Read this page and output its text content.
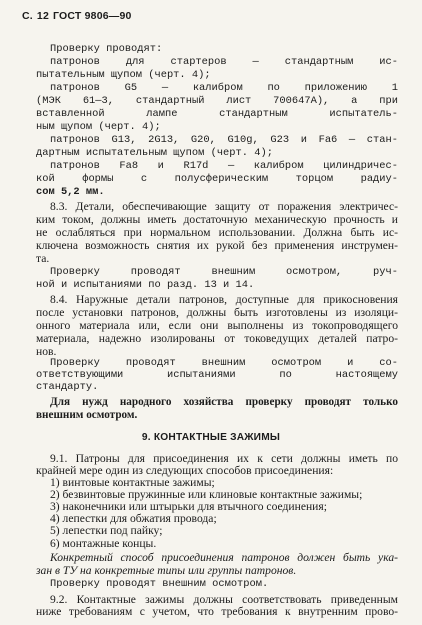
С. 12 ГОСТ 9806—90
Проверку проводят:
патронов для стартеров — стандартным ис-
пытательным щупом (черт. 4);
патронов G5 — калибром по приложению 1
(МЭК 61—3, стандартный лист 700647А), а при
вставленной лампе стандартным испытатель-
ным щупом (черт. 4);
патронов G13, 2G13, G20, G10g, G23 и Fa6 — стан-
дартным испытательным щупом (черт. 4);
патронов Fa8 и R17d — калибром цилиндричес-
кой формы с полусферическим торцом радиу-
сом 5,2 мм.
8.3. Детали, обеспечивающие защиту от поражения электричес-
ким током, должны иметь достаточную механическую прочность и
не ослабляться при нормальном использовании. Должна быть ис-
ключена возможность снятия их рукой без применения инструмен-
та.
Проверку проводят внешним осмотром, руч-
ной и испытаниями по разд. 13 и 14.
8.4. Наружные детали патронов, доступные для прикосновения
после установки патронов, должны быть изготовлены из изоляци-
онного материала или, если они выполнены из токопроводящего
материала, надежно изолированы от токоведущих деталей патро-
нов.
Проверку проводят внешним осмотром и со-
ответствующими испытаниями по настоящему
стандарту.
9. КОНТАКТНЫЕ ЗАЖИМЫ
9.1. Патроны для присоединения их к сети должны иметь по
крайней мере один из следующих способов присоединения:
1) винтовые контактные зажимы;
2) безвинтовые пружинные или клиновые контактные зажимы;
3) наконечники или штырьки для втычного соединения;
4) лепестки для обжатия провода;
5) лепестки под пайку;
6) монтажные концы.
Конкретный способ присоединения патронов должен быть ука-
зан в ТУ на конкретные типы или группы патронов.
Проверку проводят внешним осмотром.
9.2. Контактные зажимы должны соответствовать приведенным
ниже требованиям с учетом, что требования к внутренним прово-
Для нужд народного хозяйства проверку проводят только
внешним осмотром.
